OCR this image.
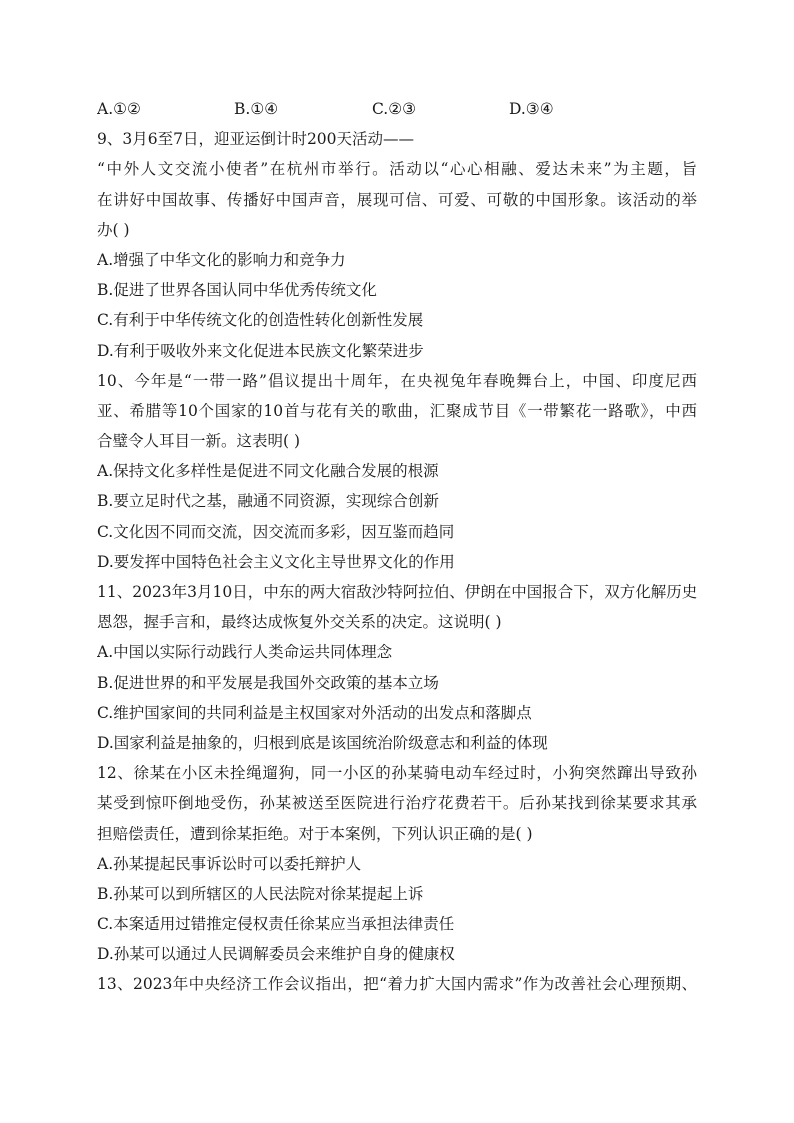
A.①②	B.①④	C.②③	D.③④
9、3月6至7日，迎亚运倒计时200天活动——
“中外人文交流小使者”在杭州市举行。活动以“心心相融、爱达未来”为主题，旨
在讲好中国故事、传播好中国声音，展现可信、可爱、可敬的中国形象。该活动的举
办( )
A.增强了中华文化的影响力和竞争力
B.促进了世界各国认同中华优秀传统文化
C.有利于中华传统文化的创造性转化创新性发展
D.有利于吸收外来文化促进本民族文化繁荣进步
10、今年是“一带一路”倡议提出十周年，在央视兔年春晚舞台上，中国、印度尼西
亚、希腊等10个国家的10首与花有关的歌曲，汇聚成节目《一带繁花一路歌》，中西
合璧令人耳目一新。这表明( )
A.保持文化多样性是促进不同文化融合发展的根源
B.要立足时代之基，融通不同资源，实现综合创新
C.文化因不同而交流，因交流而多彩，因互鉴而趋同
D.要发挥中国特色社会主义文化主导世界文化的作用
11、2023年3月10日，中东的两大宿敌沙特阿拉伯、伊朗在中国报合下，双方化解历史
恩怨，握手言和，最终达成恢复外交关系的决定。这说明( )
A.中国以实际行动践行人类命运共同体理念
B.促进世界的和平发展是我国外交政策的基本立场
C.维护国家间的共同利益是主权国家对外活动的出发点和落脚点
D.国家利益是抽象的，归根到底是该国统治阶级意志和利益的体现
12、徐某在小区未拴绳遛狗，同一小区的孙某骑电动车经过时，小狗突然蹿出导致孙
某受到惊吓倒地受伤，孙某被送至医院进行治疗花费若干。后孙某找到徐某要求其承
担赔偿责任，遭到徐某拒绝。对于本案例，下列认识正确的是( )
A.孙某提起民事诉讼时可以委托辩护人
B.孙某可以到所辖区的人民法院对徐某提起上诉
C.本案适用过错推定侵权责任徐某应当承担法律责任
D.孙某可以通过人民调解委员会来维护自身的健康权
13、2023年中央经济工作会议指出，把“着力扩大国内需求”作为改善社会心理预期、
